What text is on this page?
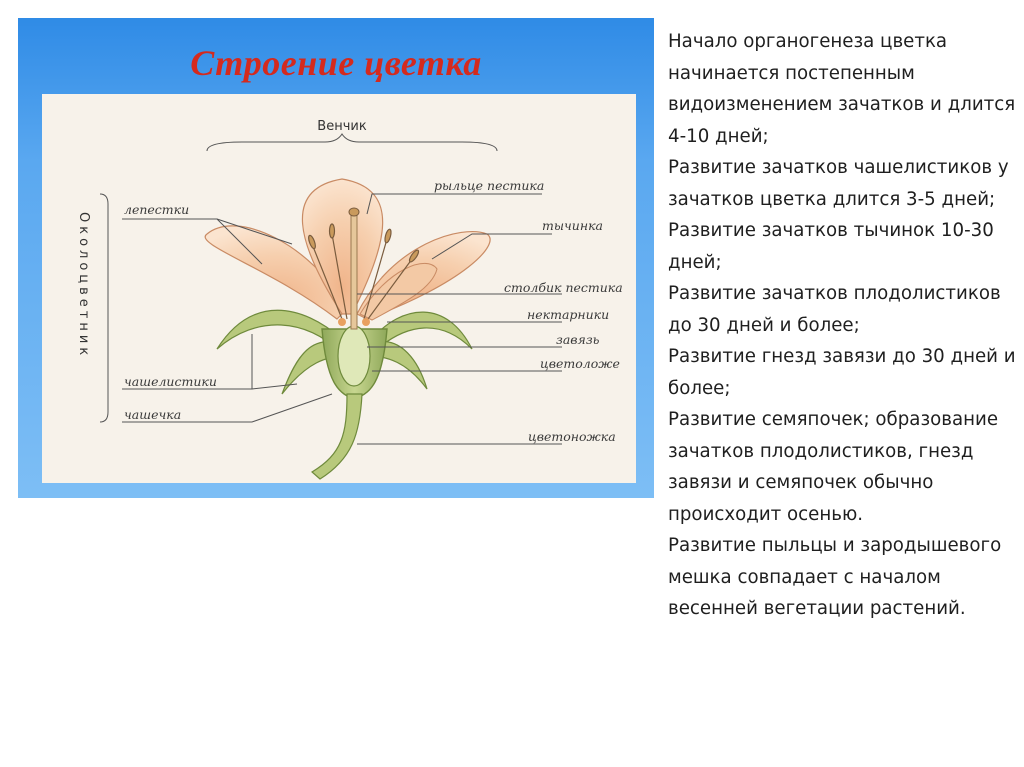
Строение цветка
Венчик
Околоцветник
лепестки
рыльце пестика
тычинка
столбик пестика
нектарники
завязь
цветоложе
чашелистики
чашечка
цветоножка

Начало органогенеза цветка начинается постепенным видоизменением зачатков и длится 4-10 дней;

Развитие зачатков чашелистиков у зачатков цветка длится 3-5 дней;

Развитие зачатков тычинок 10-30 дней;

Развитие зачатков плодолистиков до 30 дней и более;

Развитие гнезд завязи до 30 дней и более;

Развитие семяпочек; образование зачатков плодолистиков, гнезд завязи и семяпочек обычно происходит осенью.

Развитие пыльцы и зародышевого мешка совпадает с началом весенней вегетации растений.
